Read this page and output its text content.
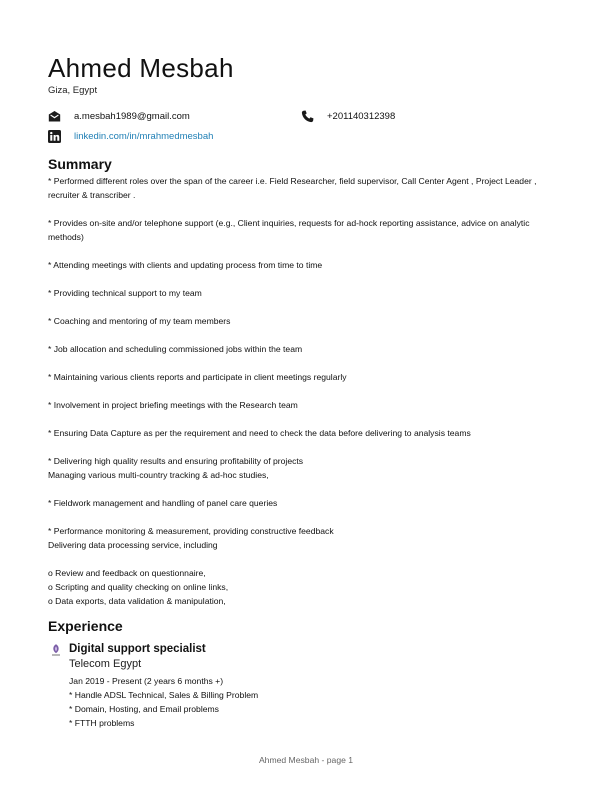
Ahmed Mesbah
Giza, Egypt
a.mesbah1989@gmail.com	+201140312398
linkedin.com/in/mrahmedmesbah
Summary
* Performed different roles over the span of the career i.e. Field Researcher, field supervisor, Call Center Agent , Project Leader , recruiter & transcriber .
* Provides on-site and/or telephone support (e.g., Client inquiries, requests for ad-hock reporting assistance, advice on analytic methods)
* Attending meetings with clients and updating process from time to time
* Providing technical support to my team
* Coaching and mentoring of my team members
* Job allocation and scheduling commissioned jobs within the team
* Maintaining various clients reports and participate in client meetings regularly
* Involvement in project briefing meetings with the Research team
* Ensuring Data Capture as per the requirement and need to check the data before delivering to analysis teams
* Delivering high quality results and ensuring profitability of projects
Managing various multi-country tracking & ad-hoc studies,
* Fieldwork management and handling of panel care queries
* Performance monitoring & measurement, providing constructive feedback
Delivering data processing service, including
o Review and feedback on questionnaire,
o Scripting and quality checking on online links,
o Data exports, data validation & manipulation,
Experience
Digital support specialist
Telecom Egypt
Jan 2019 - Present (2 years 6 months +)
* Handle ADSL Technical, Sales & Billing Problem
* Domain, Hosting, and Email problems
* FTTH problems
Ahmed Mesbah - page 1
